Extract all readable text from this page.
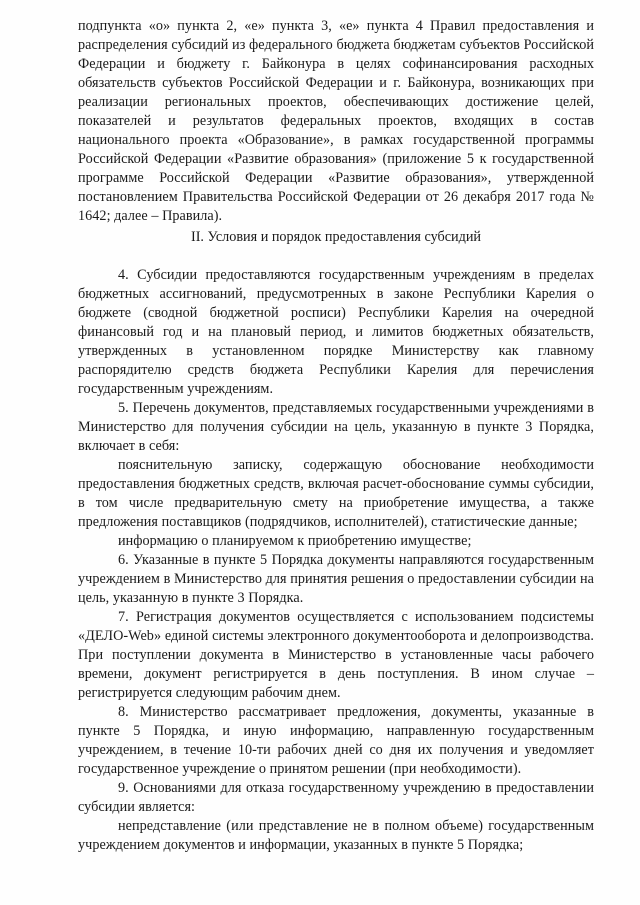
подпункта «о» пункта 2, «е» пункта 3, «е» пункта 4 Правил предоставления и распределения субсидий из федерального бюджета бюджетам субъектов Российской Федерации и бюджету г. Байконура в целях софинансирования расходных обязательств субъектов Российской Федерации и г. Байконура, возникающих при реализации региональных проектов, обеспечивающих достижение целей, показателей и результатов федеральных проектов, входящих в состав национального проекта «Образование», в рамках государственной программы Российской Федерации «Развитие образования» (приложение 5 к государственной программе Российской Федерации «Развитие образования», утвержденной постановлением Правительства Российской Федерации от 26 декабря 2017 года № 1642; далее – Правила).

II. Условия и порядок предоставления субсидий

4. Субсидии предоставляются государственным учреждениям в пределах бюджетных ассигнований, предусмотренных в законе Республики Карелия о бюджете (сводной бюджетной росписи) Республики Карелия на очередной финансовый год и на плановый период, и лимитов бюджетных обязательств, утвержденных в установленном порядке Министерству как главному распорядителю средств бюджета Республики Карелия для перечисления государственным учреждениям.

5. Перечень документов, представляемых государственными учреждениями в Министерство для получения субсидии на цель, указанную в пункте 3 Порядка, включает в себя:

пояснительную записку, содержащую обоснование необходимости предоставления бюджетных средств, включая расчет-обоснование суммы субсидии, в том числе предварительную смету на приобретение имущества, а также предложения поставщиков (подрядчиков, исполнителей), статистические данные;

информацию о планируемом к приобретению имуществе;

6. Указанные в пункте 5 Порядка документы направляются государственным учреждением в Министерство для принятия решения о предоставлении субсидии на цель, указанную в пункте 3 Порядка.

7. Регистрация документов осуществляется с использованием подсистемы «ДЕЛО-Web» единой системы электронного документооборота и делопроизводства. При поступлении документа в Министерство в установленные часы рабочего времени, документ регистрируется в день поступления. В ином случае – регистрируется следующим рабочим днем.

8. Министерство рассматривает предложения, документы, указанные в пункте 5 Порядка, и иную информацию, направленную государственным учреждением, в течение 10-ти рабочих дней со дня их получения и уведомляет государственное учреждение о принятом решении (при необходимости).

9. Основаниями для отказа государственному учреждению в предоставлении субсидии является:

непредставление (или представление не в полном объеме) государственным учреждением документов и информации, указанных в пункте 5 Порядка;
